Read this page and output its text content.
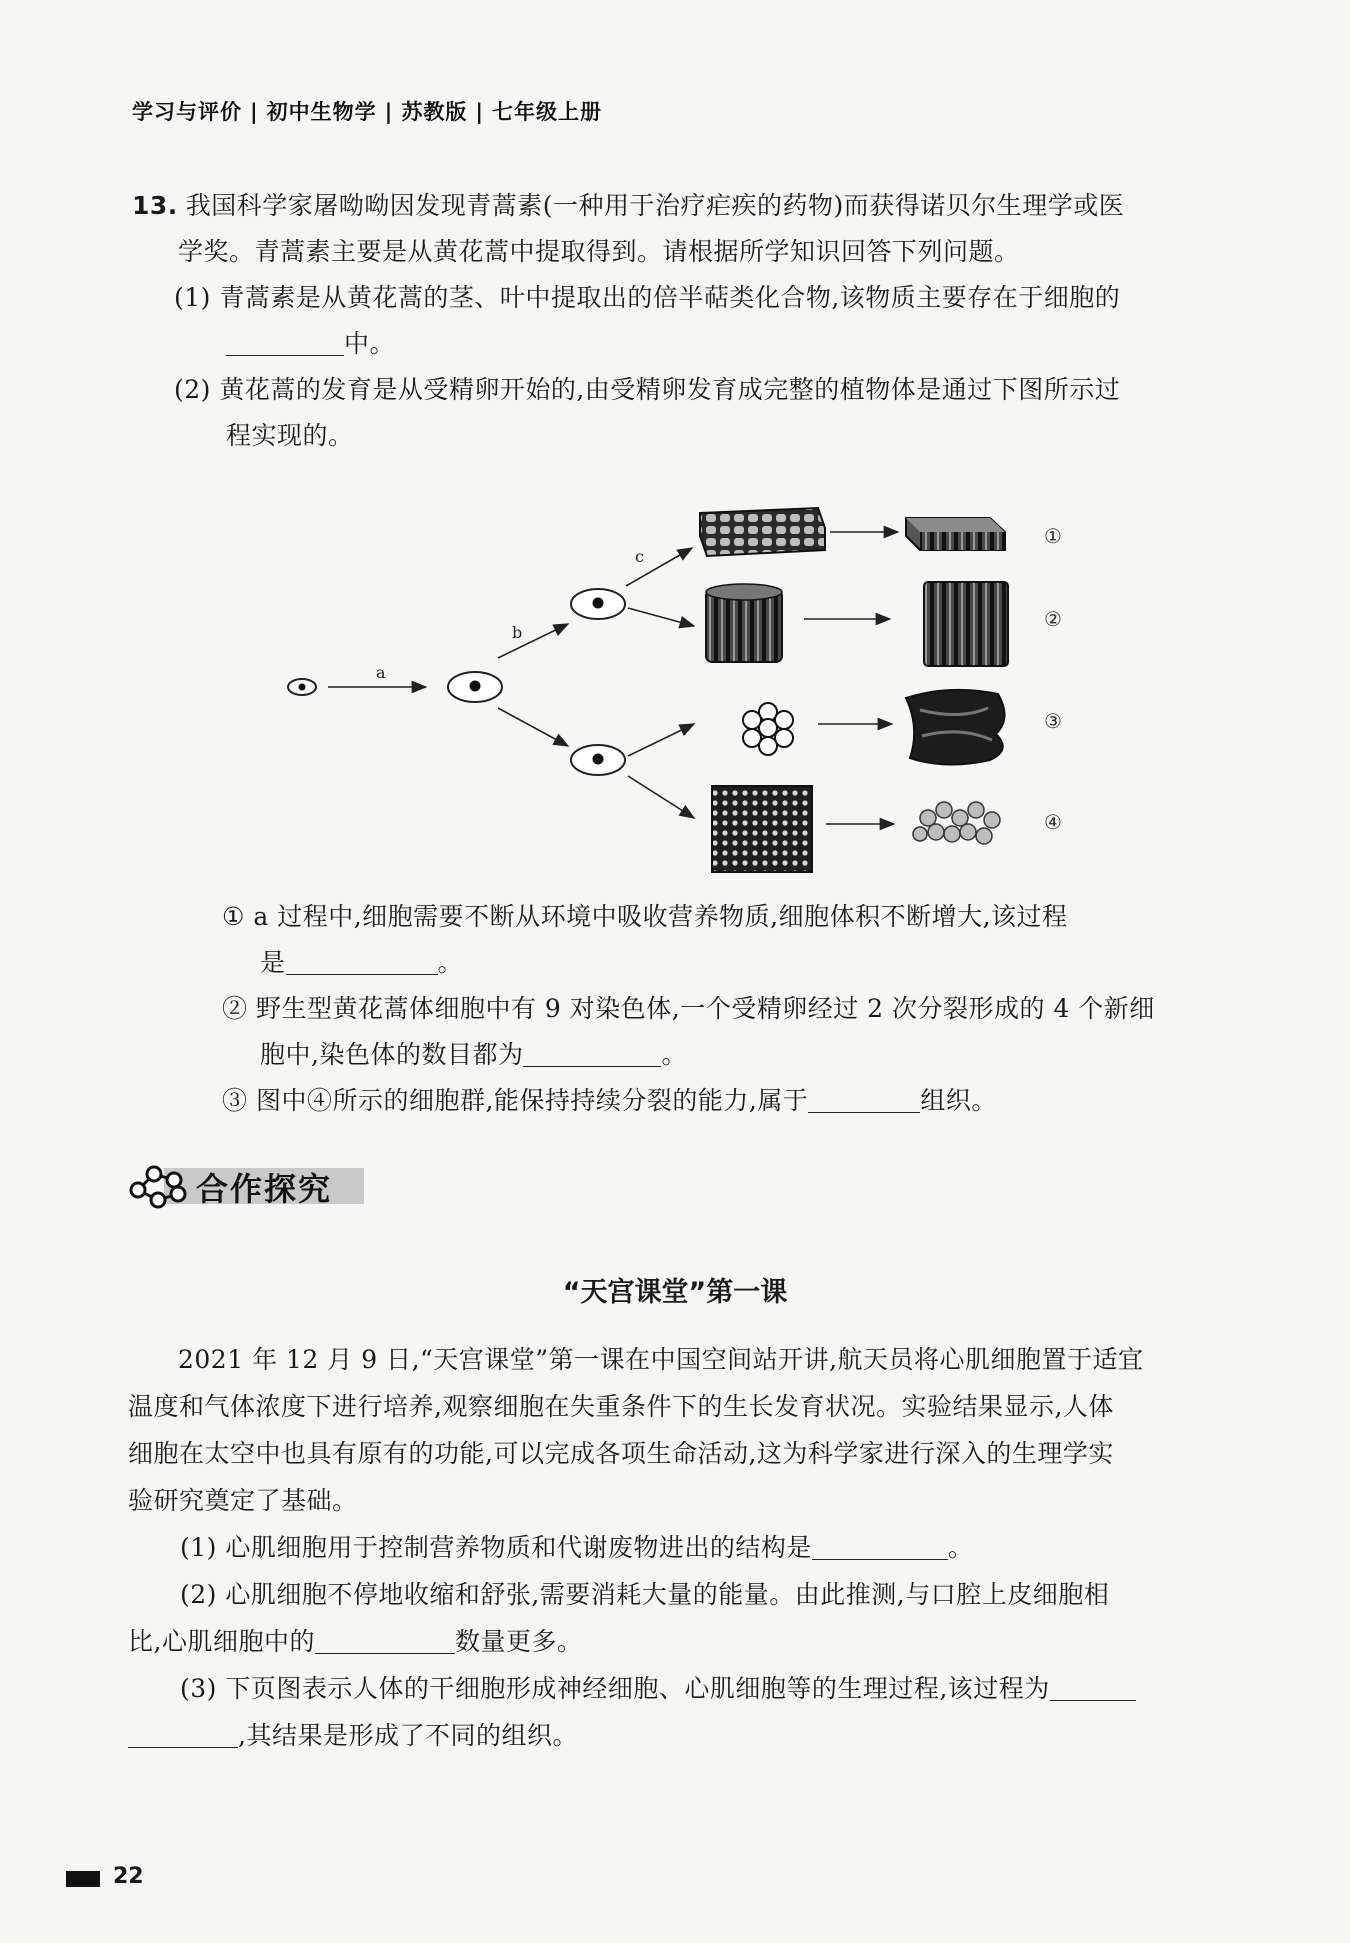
学习与评价 | 初中生物学 | 苏教版 | 七年级上册
13. 我国科学家屠呦呦因发现青蒿素(一种用于治疗疟疾的药物)而获得诺贝尔生理学或医
学奖。青蒿素主要是从黄花蒿中提取得到。请根据所学知识回答下列问题。
(1) 青蒿素是从黄花蒿的茎、叶中提取出的倍半萜类化合物,该物质主要存在于细胞的
中。
(2) 黄花蒿的发育是从受精卵开始的,由受精卵发育成完整的植物体是通过下图所示过
程实现的。
a
b
c
①
②
③
④
① a 过程中,细胞需要不断从环境中吸收营养物质,细胞体积不断增大,该过程
是	。
② 野生型黄花蒿体细胞中有 9 对染色体,一个受精卵经过 2 次分裂形成的 4 个新细
胞中,染色体的数目都为	。
③ 图中④所示的细胞群,能保持持续分裂的能力,属于	组织。
合作探究
“天宫课堂”第一课
2021 年 12 月 9 日,“天宫课堂”第一课在中国空间站开讲,航天员将心肌细胞置于适宜
温度和气体浓度下进行培养,观察细胞在失重条件下的生长发育状况。实验结果显示,人体
细胞在太空中也具有原有的功能,可以完成各项生命活动,这为科学家进行深入的生理学实
验研究奠定了基础。
(1) 心肌细胞用于控制营养物质和代谢废物进出的结构是	。
(2) 心肌细胞不停地收缩和舒张,需要消耗大量的能量。由此推测,与口腔上皮细胞相
比,心肌细胞中的	数量更多。
(3) 下页图表示人体的干细胞形成神经细胞、心肌细胞等的生理过程,该过程为
,其结果是形成了不同的组织。
22
